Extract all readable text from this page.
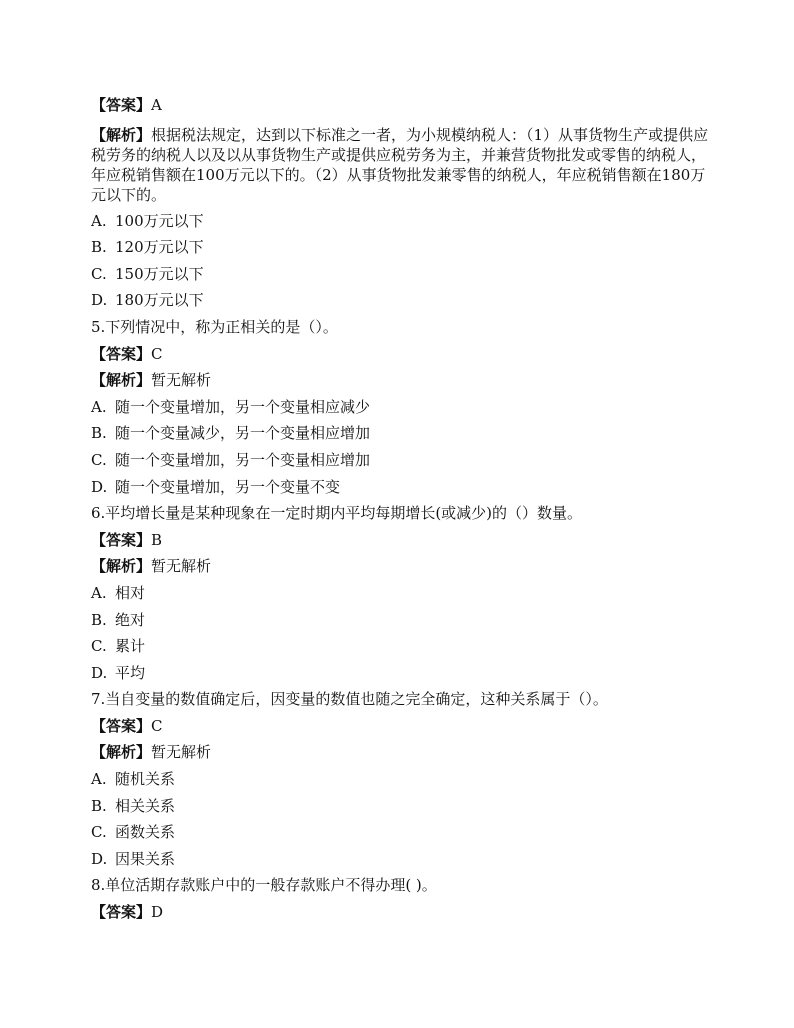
【答案】A
【解析】根据税法规定，达到以下标准之一者，为小规模纳税人：（1）从事货物生产或提供应税劳务的纳税人以及以从事货物生产或提供应税劳务为主，并兼营货物批发或零售的纳税人，年应税销售额在100万元以下的。（2）从事货物批发兼零售的纳税人，年应税销售额在180万元以下的。
A. 100万元以下
B. 120万元以下
C. 150万元以下
D. 180万元以下
5.下列情况中，称为正相关的是（）。
【答案】C
【解析】暂无解析
A. 随一个变量增加，另一个变量相应减少
B. 随一个变量减少，另一个变量相应增加
C. 随一个变量增加，另一个变量相应增加
D. 随一个变量增加，另一个变量不变
6.平均增长量是某种现象在一定时期内平均每期增长(或减少)的（）数量。
【答案】B
【解析】暂无解析
A. 相对
B. 绝对
C. 累计
D. 平均
7.当自变量的数值确定后，因变量的数值也随之完全确定，这种关系属于（）。
【答案】C
【解析】暂无解析
A. 随机关系
B. 相关关系
C. 函数关系
D. 因果关系
8.单位活期存款账户中的一般存款账户不得办理( )。
【答案】D
